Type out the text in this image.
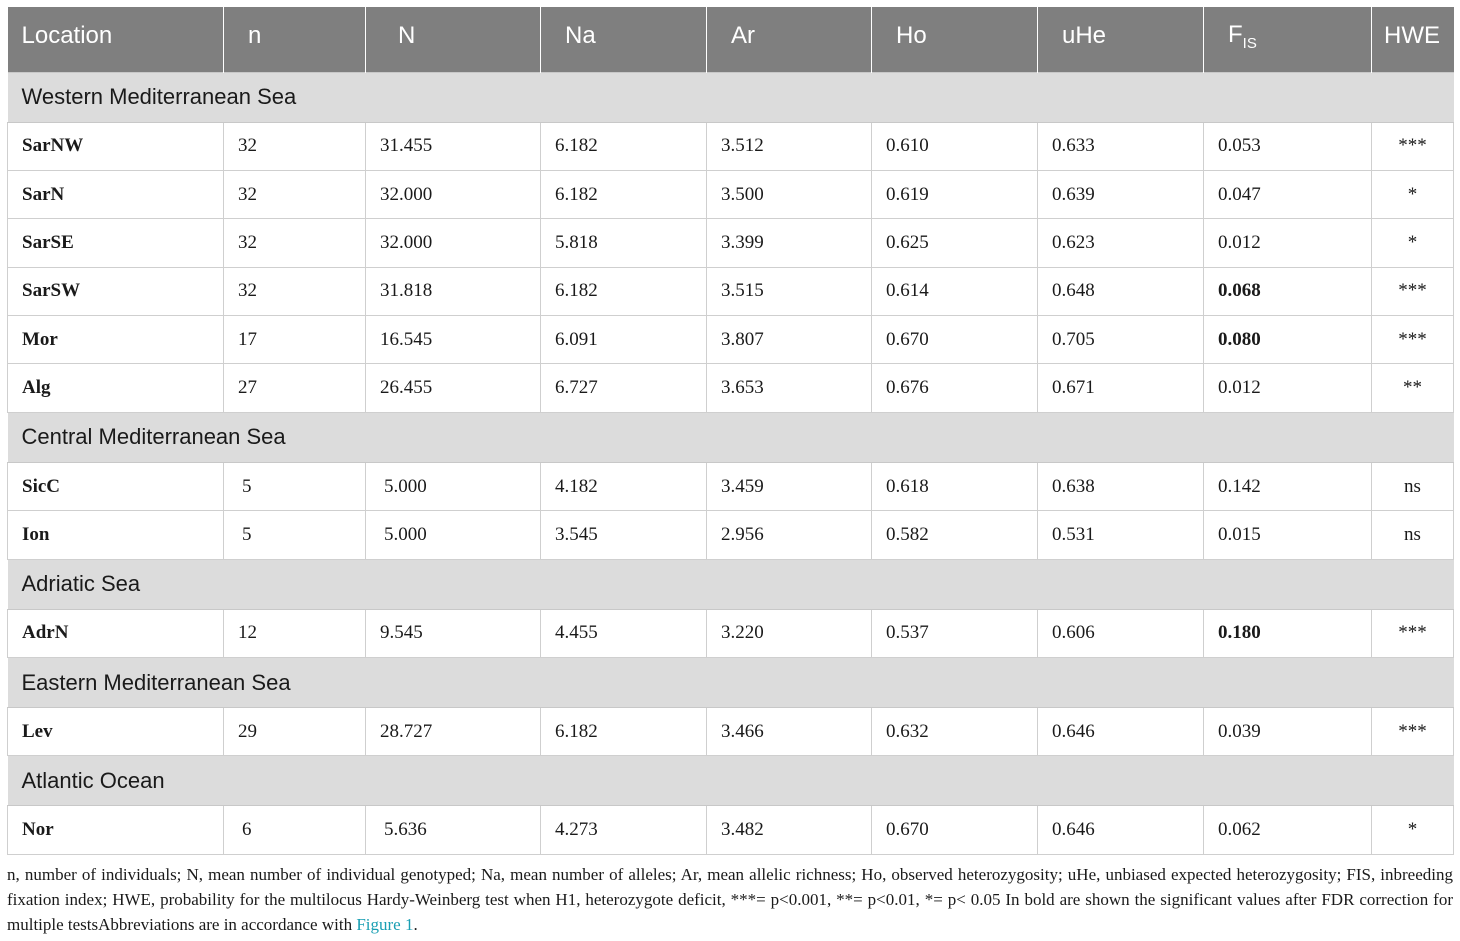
Location	n	N	Na	Ar	Ho	uHe	$F_{IS}$	HWE
Western Mediterranean Sea								
SarNW	32	31.455	6.182	3.512	0.610	0.633	0.053	***
SarN	32	32.000	6.182	3.500	0.619	0.639	0.047	*
SarSE	32	32.000	5.818	3.399	0.625	0.623	0.012	*
SarSW	32	31.818	6.182	3.515	0.614	0.648	0.068	***
Mor	17	16.545	6.091	3.807	0.670	0.705	0.080	***
Alg	27	26.455	6.727	3.653	0.676	0.671	0.012	**
Central Mediterranean Sea								
SicC	5	5.000	4.182	3.459	0.618	0.638	0.142	ns
Ion	5	5.000	3.545	2.956	0.582	0.531	0.015	ns
Adriatic Sea								
AdrN	12	9.545	4.455	3.220	0.537	0.606	0.180	***
Eastern Mediterranean Sea								
Lev	29	28.727	6.182	3.466	0.632	0.646	0.039	***
Atlantic Ocean								
Nor	6	5.636	4.273	3.482	0.670	0.646	0.062	*
n, number of individuals; N, mean number of individual genotyped; Na, mean number of alleles; Ar, mean allelic richness; Ho, observed heterozygosity; uHe, unbiased expected heterozygosity; FIS, inbreeding fixation index; HWE, probability for the multilocus Hardy-Weinberg test when H1, heterozygote deficit, ***= p<0.001, **= p<0.01, *= p< 0.05 In bold are shown the significant values after FDR correction for multiple testsAbbreviations are in accordance with Figure 1.
